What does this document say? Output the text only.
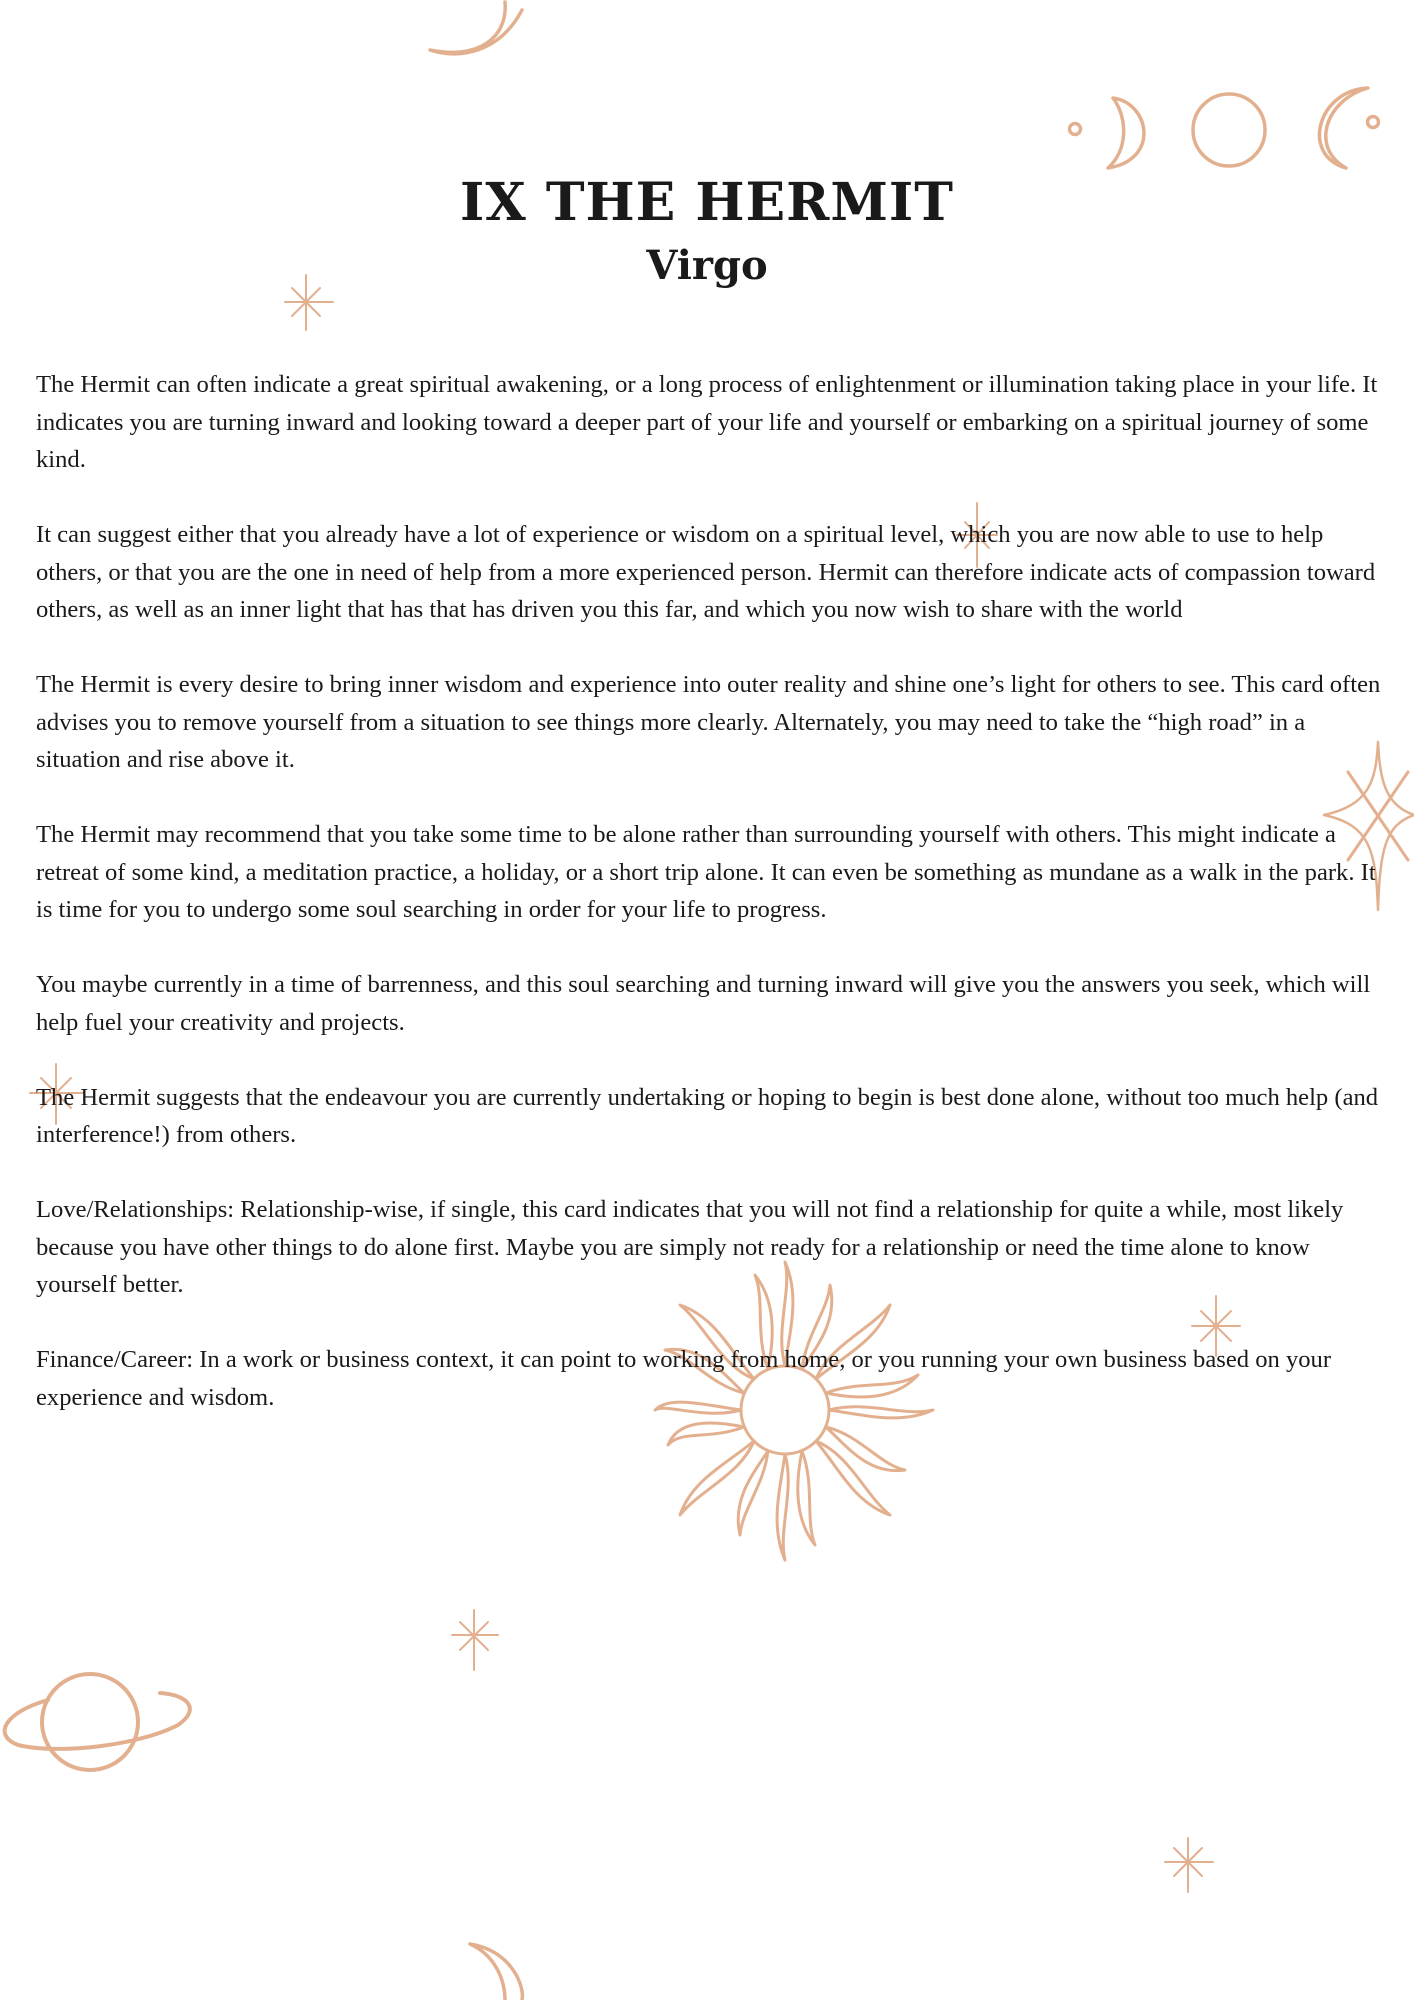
IX THE HERMIT
Virgo

The Hermit can often indicate a great spiritual awakening, or a long process of enlightenment or illumination taking place in your life. It indicates you are turning inward and looking toward a deeper part of your life and yourself or embarking on a spiritual journey of some kind.

It can suggest either that you already have a lot of experience or wisdom on a spiritual level, which you are now able to use to help others, or that you are the one in need of help from a more experienced person. Hermit can therefore indicate acts of compassion toward others, as well as an inner light that has that has driven you this far, and which you now wish to share with the world

The Hermit is every desire to bring inner wisdom and experience into outer reality and shine one’s light for others to see. This card often advises you to remove yourself from a situation to see things more clearly. Alternately, you may need to take the “high road” in a situation and rise above it.

The Hermit may recommend that you take some time to be alone rather than surrounding yourself with others. This might indicate a retreat of some kind, a meditation practice, a holiday, or a short trip alone. It can even be something as mundane as a walk in the park. It is time for you to undergo some soul searching in order for your life to progress.

You maybe currently in a time of barrenness, and this soul searching and turning inward will give you the answers you seek, which will help fuel your creativity and projects.

The Hermit suggests that the endeavour you are currently undertaking or hoping to begin is best done alone, without too much help (and interference!) from others.

Love/Relationships: Relationship-wise, if single, this card indicates that you will not find a relationship for quite a while, most likely because you have other things to do alone first. Maybe you are simply not ready for a relationship or need the time alone to know yourself better.

Finance/Career: In a work or business context, it can point to working from home, or you running your own business based on your experience and wisdom.
